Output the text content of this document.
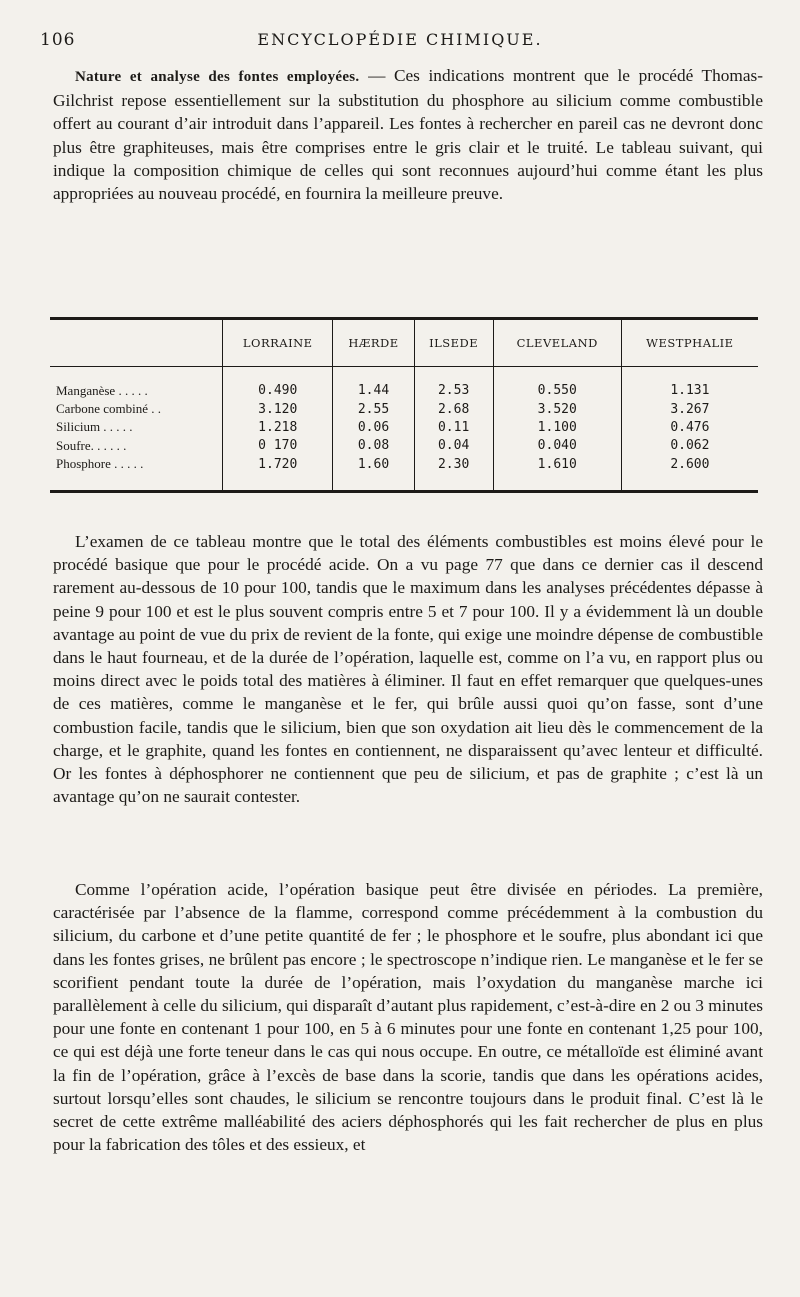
106	ENCYCLOPÉDIE CHIMIQUE.

Nature et analyse des fontes employées. — Ces indications montrent que le procédé Thomas-Gilchrist repose essentiellement sur la substitution du phosphore au silicium comme combustible offert au courant d’air introduit dans l’appareil. Les fontes à rechercher en pareil cas ne devront donc plus être graphiteuses, mais être comprises entre le gris clair et le truité. Le tableau suivant, qui indique la composition chimique de celles qui sont reconnues aujourd’hui comme étant les plus appropriées au nouveau procédé, en fournira la meilleure preuve.

	LORRAINE	HÆRDE	ILSEDE	CLEVELAND	WESTPHALIE

Manganèse . . . . .	0.490	1.44	2.53	0.550	1.131
Carbone combiné . .	3.120	2.55	2.68	3.520	3.267
Silicium . . . . .	1.218	0.06	0.11	1.100	0.476
Soufre. . . . . .	0 170	0.08	0.04	0.040	0.062
Phosphore . . . . .	1.720	1.60	2.30	1.610	2.600

L’examen de ce tableau montre que le total des éléments combustibles est moins élevé pour le procédé basique que pour le procédé acide. On a vu page 77 que dans ce dernier cas il descend rarement au-dessous de 10 pour 100, tandis que le maximum dans les analyses précédentes dépasse à peine 9 pour 100 et est le plus souvent compris entre 5 et 7 pour 100. Il y a évidemment là un double avantage au point de vue du prix de revient de la fonte, qui exige une moindre dépense de combustible dans le haut fourneau, et de la durée de l’opération, laquelle est, comme on l’a vu, en rapport plus ou moins direct avec le poids total des matières à éliminer. Il faut en effet remarquer que quelques-unes de ces matières, comme le manganèse et le fer, qui brûle aussi quoi qu’on fasse, sont d’une combustion facile, tandis que le silicium, bien que son oxydation ait lieu dès le commencement de la charge, et le graphite, quand les fontes en contiennent, ne disparaissent qu’avec lenteur et difficulté. Or les fontes à déphosphorer ne contiennent que peu de silicium, et pas de graphite ; c’est là un avantage qu’on ne saurait contester.

Comme l’opération acide, l’opération basique peut être divisée en périodes. La première, caractérisée par l’absence de la flamme, correspond comme précédemment à la combustion du silicium, du carbone et d’une petite quantité de fer ; le phosphore et le soufre, plus abondant ici que dans les fontes grises, ne brûlent pas encore ; le spectroscope n’indique rien. Le manganèse et le fer se scorifient pendant toute la durée de l’opération, mais l’oxydation du manganèse marche ici parallèlement à celle du silicium, qui disparaît d’autant plus rapidement, c’est-à-dire en 2 ou 3 minutes pour une fonte en contenant 1 pour 100, en 5 à 6 minutes pour une fonte en contenant 1,25 pour 100, ce qui est déjà une forte teneur dans le cas qui nous occupe. En outre, ce métalloïde est éliminé avant la fin de l’opération, grâce à l’excès de base dans la scorie, tandis que dans les opérations acides, surtout lorsqu’elles sont chaudes, le silicium se rencontre toujours dans le produit final. C’est là le secret de cette extrême malléabilité des aciers déphosphorés qui les fait rechercher de plus en plus pour la fabrication des tôles et des essieux, et
